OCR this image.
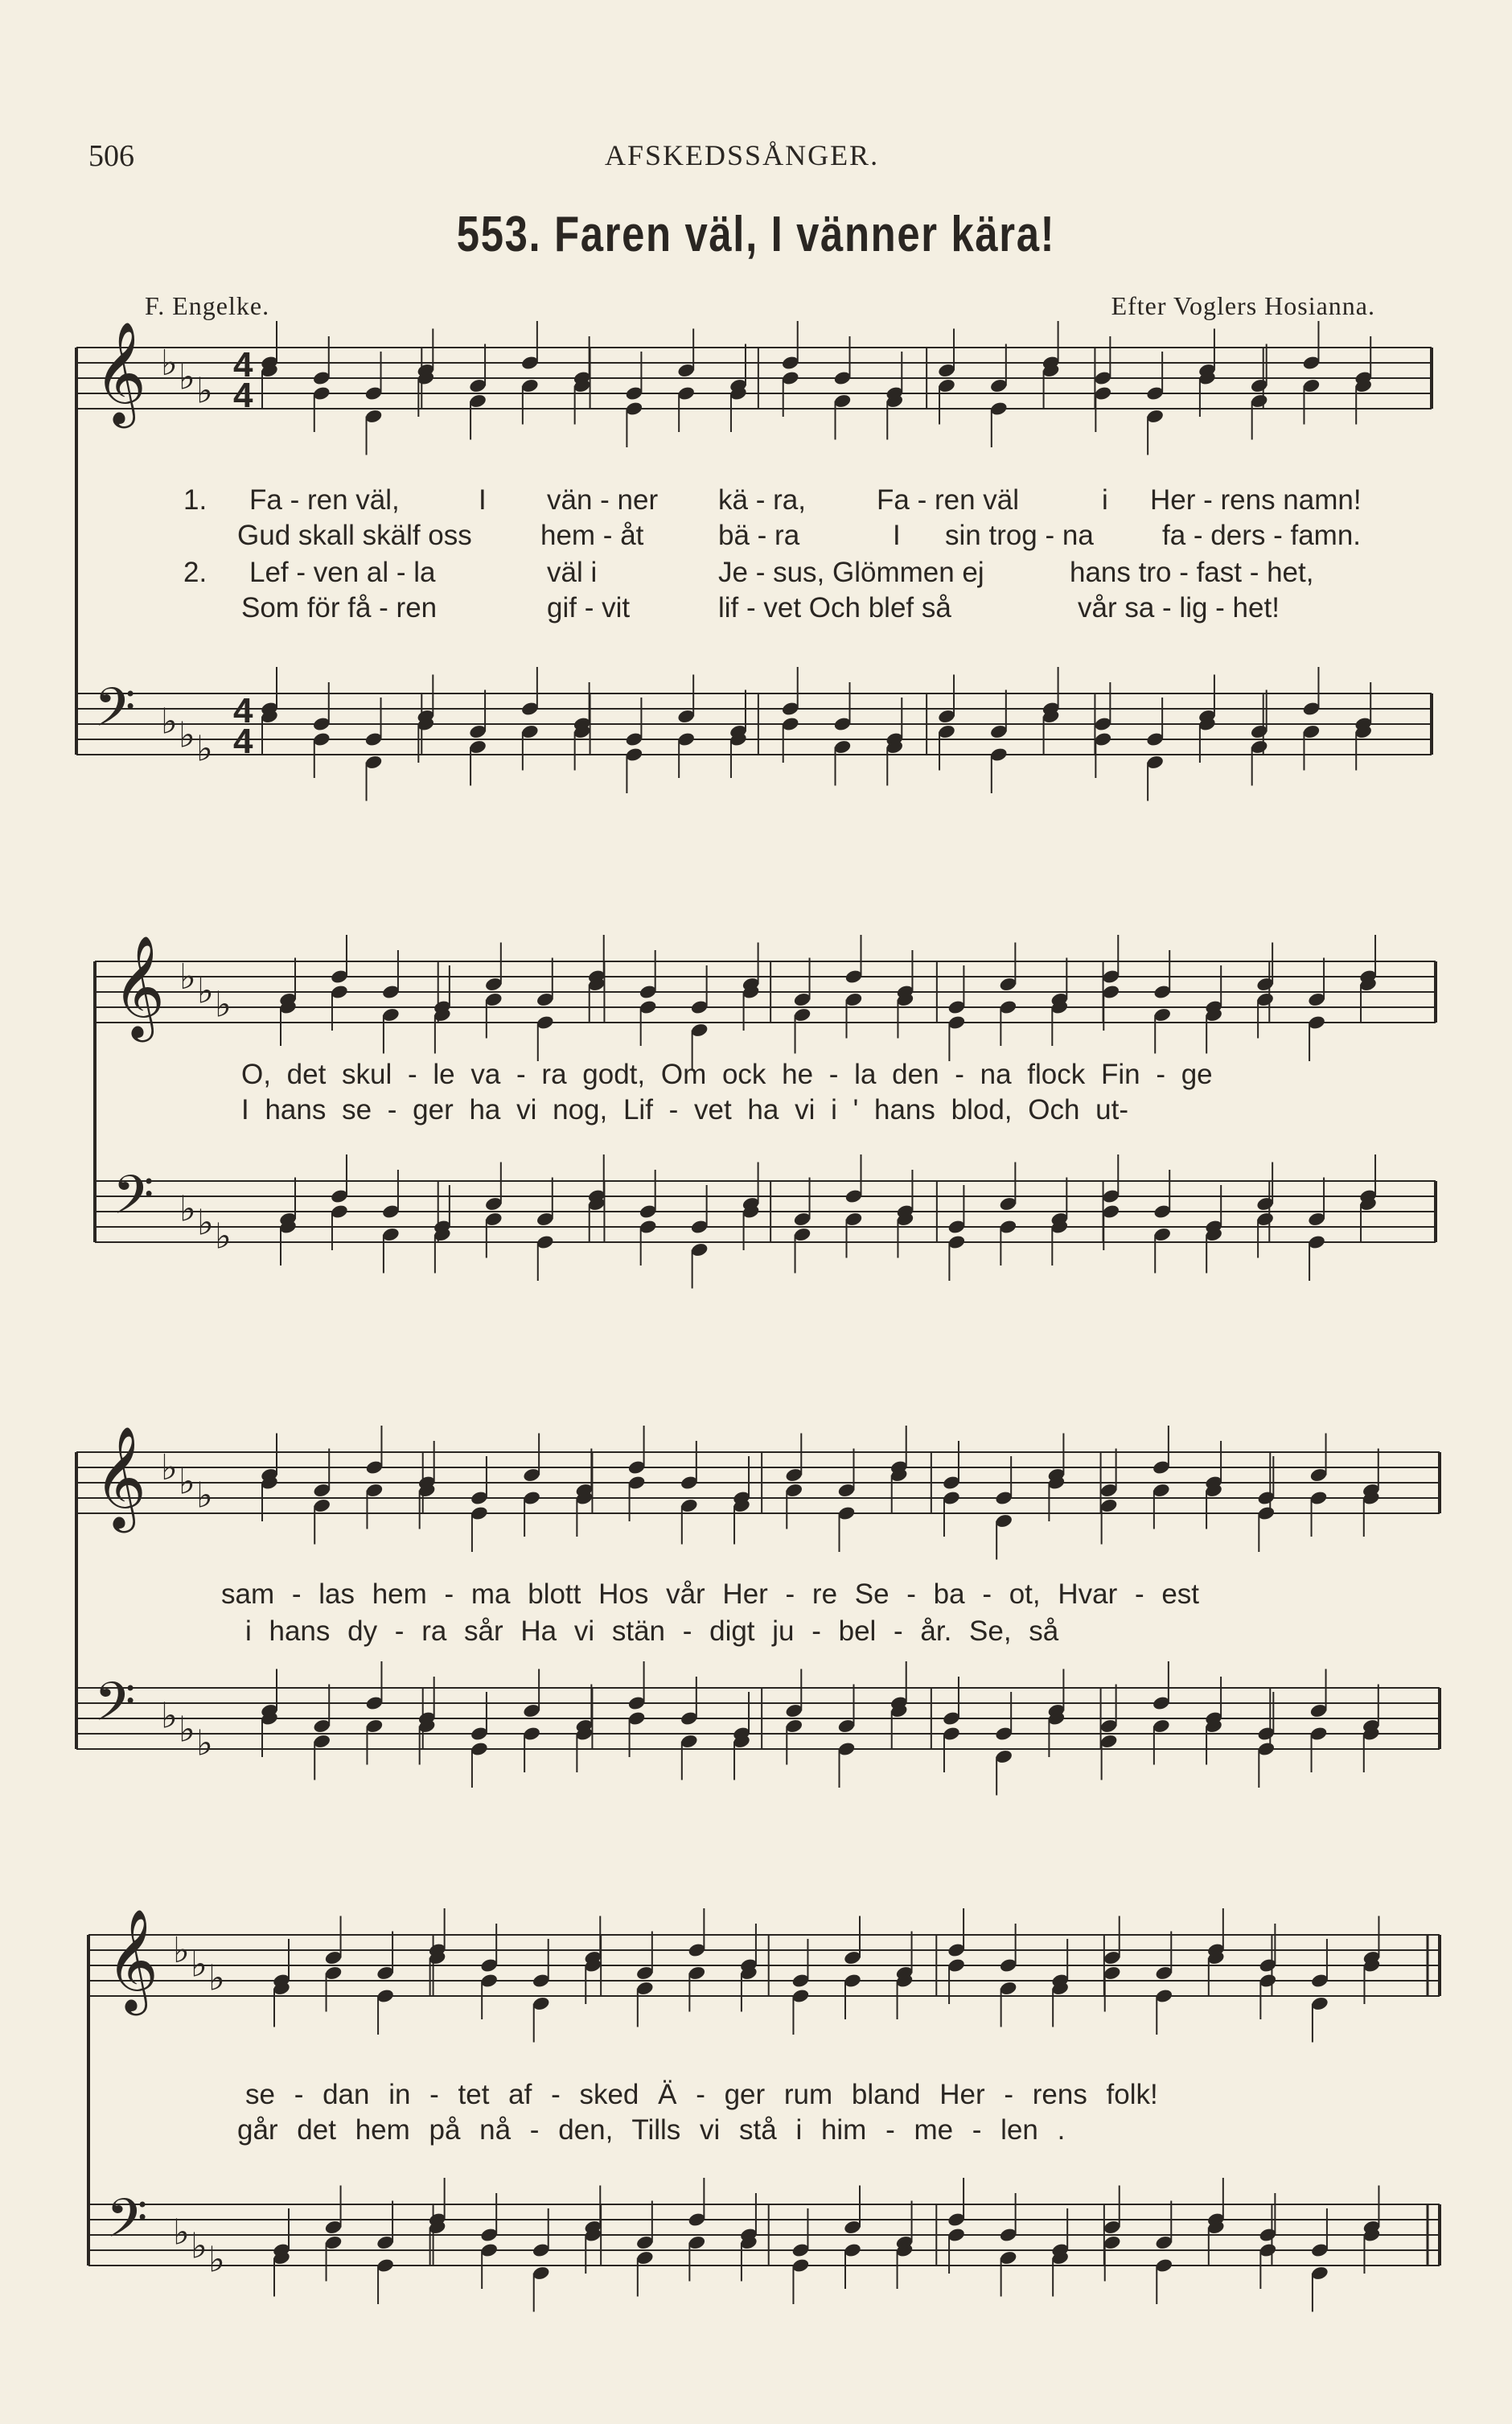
506	AFSKEDSSÅNGER.
553. Faren väl, I vänner kära!
F. Engelke.	Efter Voglers Hosianna.
𝄞 ♭ ♭ ♭
𝄢 ♭ ♭ ♭
𝄞 ♭ ♭ ♭
𝄢 ♭ ♭ ♭
𝄞 ♭ ♭ ♭
𝄢 ♭ ♭ ♭
𝄞 ♭ ♭ ♭
𝄢 ♭ ♭ ♭
4
4
4
4
1. Fa - ren väl,	I vän - ner kä - ra,	Fa - ren väl	i Her - rens namn!
Gud skall skälf oss hem - åt	bä - ra	I sin trog - na fa - ders - famn.
2. Lef - ven al - la	väl i	Je - sus, Glömmen ej	hans tro - fast - het,
Som för få - ren	gif - vit	lif - vet Och blef så	vår sa - lig - het!
O, det skul - le va - ra godt, Om ock he - la den - na flock Fin - ge
I hans se - ger ha vi nog, Lif - vet ha vi i ' hans blod, Och ut-
sam - las hem - ma blott Hos vår Her - re Se - ba - ot, Hvar - est
i hans dy - ra sår Ha vi stän - digt ju - bel - år. Se, så
se - dan in - tet af - sked Ä - ger rum bland Her - rens folk!
går det hem på nå - den, Tills vi stå i him - me - len .
